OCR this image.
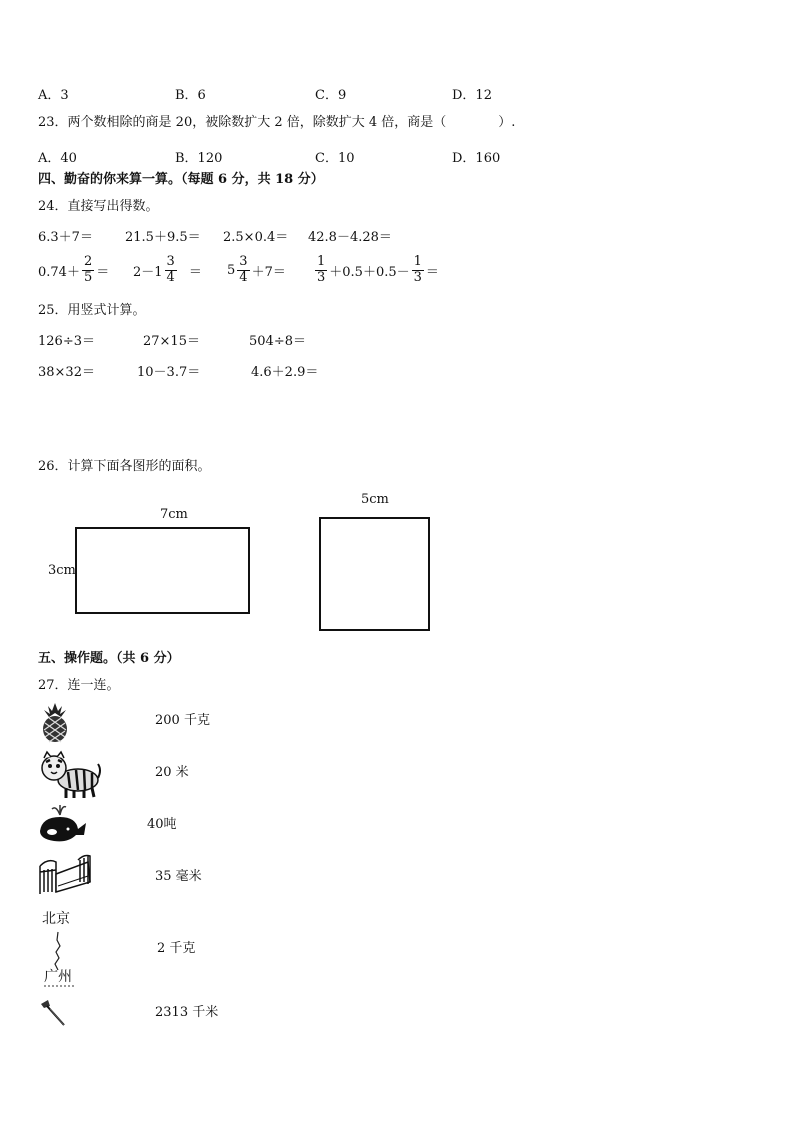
A．3	B．6	C．9	D．12
23．两个数相除的商是 20，被除数扩大 2 倍，除数扩大 4 倍，商是（　　　　）.
A．40	B．120	C．10	D．160
四、勤奋的你来算一算。（每题 6 分，共 18 分）
24．直接写出得数。
6.3＋7＝ 21.5＋9.5＝ 2.5×0.4＝ 42.8－4.28＝
$0.74+ \frac{2}{5} = 2-1 \frac{3}{4} = 5 \frac{3}{4} +7= \frac{1}{3} +0.5+0.5- \frac{1}{3}$ ＝
25．用竖式计算。
126÷3＝	27×15＝	504÷8＝
38×32＝	10－3.7＝	4.6＋2.9＝
26．计算下面各图形的面积。
7cm
3cm
5cm
五、操作题。（共 6 分）
27．连一连。
200 千克
20 米
40吨
35 毫米
北京
广州
2 千克
2313 千米
